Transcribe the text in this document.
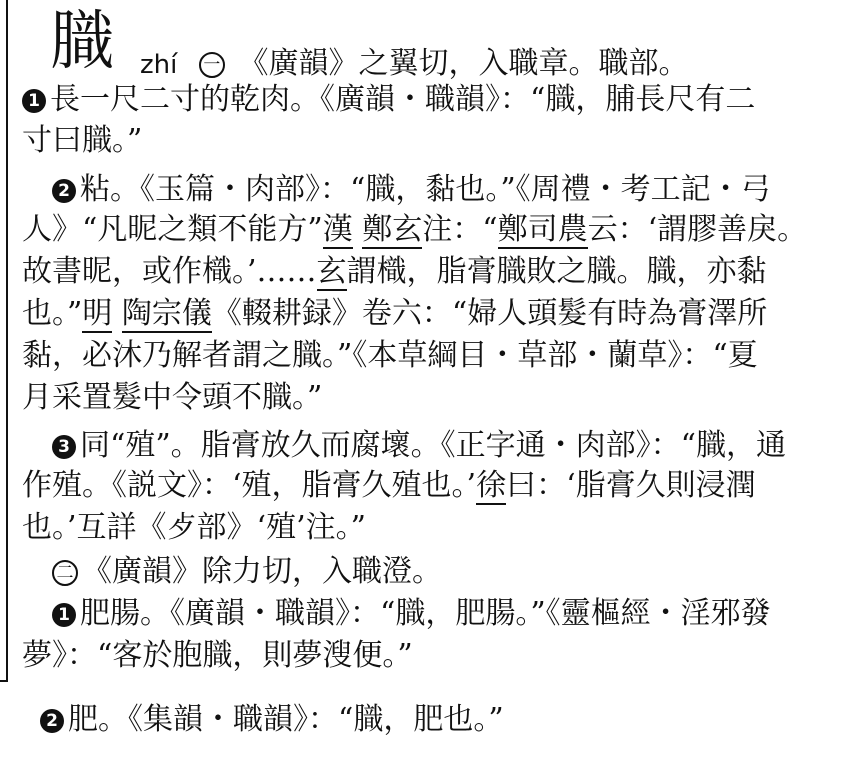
膱 zhí 一 《廣韻》之翼切，入職章。職部。
1 長一尺二寸的乾肉。《廣韻・職韻》：“膱，脯長尺有二
寸曰膱。”
2 粘。《玉篇・肉部》：“膱，黏也。”《周禮・考工記・弓
人》“凡昵之類不能方”漢 鄭玄注：“鄭司農云：‘謂膠善戾。
故書昵，或作樴。’……玄謂樴，脂膏膱敗之膱。膱，亦黏
也。”明 陶宗儀《輟耕録》卷六：“婦人頭髮有時為膏澤所
黏，必沐乃解者謂之膱。”《本草綱目・草部・蘭草》：“夏
月采置髮中令頭不膱。”
3 同“殖”。脂膏放久而腐壞。《正字通・肉部》：“膱，通
作殖。《説文》：‘殖，脂膏久殖也。’徐曰：‘脂膏久則浸潤
也。’互詳《歺部》‘殖’注。”
二 《廣韻》除力切，入職澄。
1 肥腸。《廣韻・職韻》：“膱，肥腸。”《靈樞經・淫邪發
夢》：“客於胞膱，則夢溲便。”
2 肥。《集韻・職韻》：“膱，肥也。”
